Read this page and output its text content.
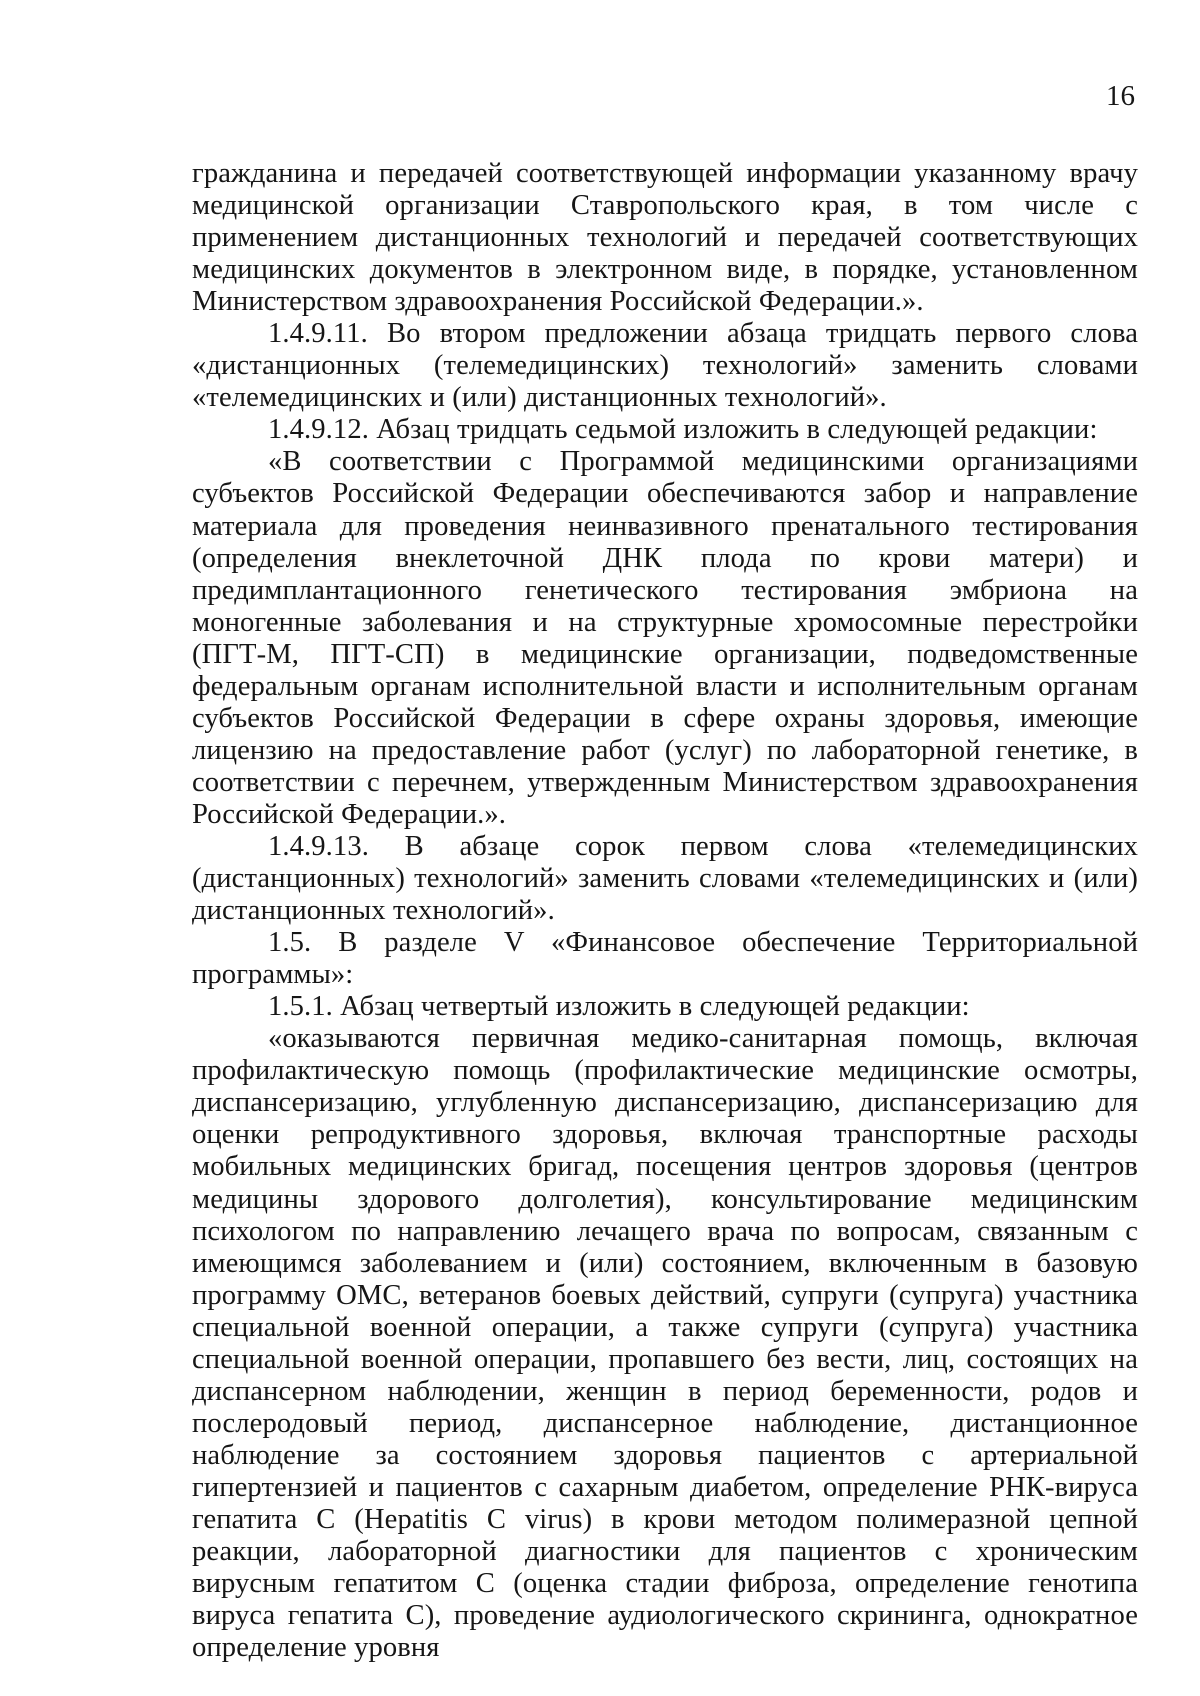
16

гражданина и передачей соответствующей информации указанному врачу медицинской организации Ставропольского края, в том числе с применением дистанционных технологий и передачей соответствующих медицинских документов в электронном виде, в порядке, установленном Министерством здравоохранения Российской Федерации.».

1.4.9.11. Во втором предложении абзаца тридцать первого слова «дистанционных (телемедицинских) технологий» заменить словами «телемедицинских и (или) дистанционных технологий».

1.4.9.12. Абзац тридцать седьмой изложить в следующей редакции:

«В соответствии с Программой медицинскими организациями субъектов Российской Федерации обеспечиваются забор и направление материала для проведения неинвазивного пренатального тестирования (определения внеклеточной ДНК плода по крови матери) и предимплантационного генетического тестирования эмбриона на моногенные заболевания и на структурные хромосомные перестройки (ПГТ-М, ПГТ-СП) в медицинские организации, подведомственные федеральным органам исполнительной власти и исполнительным органам субъектов Российской Федерации в сфере охраны здоровья, имеющие лицензию на предоставление работ (услуг) по лабораторной генетике, в соответствии с перечнем, утвержденным Министерством здравоохранения Российской Федерации.».

1.4.9.13. В абзаце сорок первом слова «телемедицинских (дистанционных) технологий» заменить словами «телемедицинских и (или) дистанционных технологий».

1.5. В разделе V «Финансовое обеспечение Территориальной программы»:

1.5.1. Абзац четвертый изложить в следующей редакции:

«оказываются первичная медико-санитарная помощь, включая профилактическую помощь (профилактические медицинские осмотры, диспансеризацию, углубленную диспансеризацию, диспансеризацию для оценки репродуктивного здоровья, включая транспортные расходы мобильных медицинских бригад, посещения центров здоровья (центров медицины здорового долголетия), консультирование медицинским психологом по направлению лечащего врача по вопросам, связанным с имеющимся заболеванием и (или) состоянием, включенным в базовую программу ОМС, ветеранов боевых действий, супруги (супруга) участника специальной военной операции, а также супруги (супруга) участника специальной военной операции, пропавшего без вести, лиц, состоящих на диспансерном наблюдении, женщин в период беременности, родов и послеродовый период, диспансерное наблюдение, дистанционное наблюдение за состоянием здоровья пациентов с артериальной гипертензией и пациентов с сахарным диабетом, определение РНК-вируса гепатита С (Hepatitis C virus) в крови методом полимеразной цепной реакции, лабораторной диагностики для пациентов с хроническим вирусным гепатитом С (оценка стадии фиброза, определение генотипа вируса гепатита С), проведение аудиологического скрининга, однократное определение уровня
